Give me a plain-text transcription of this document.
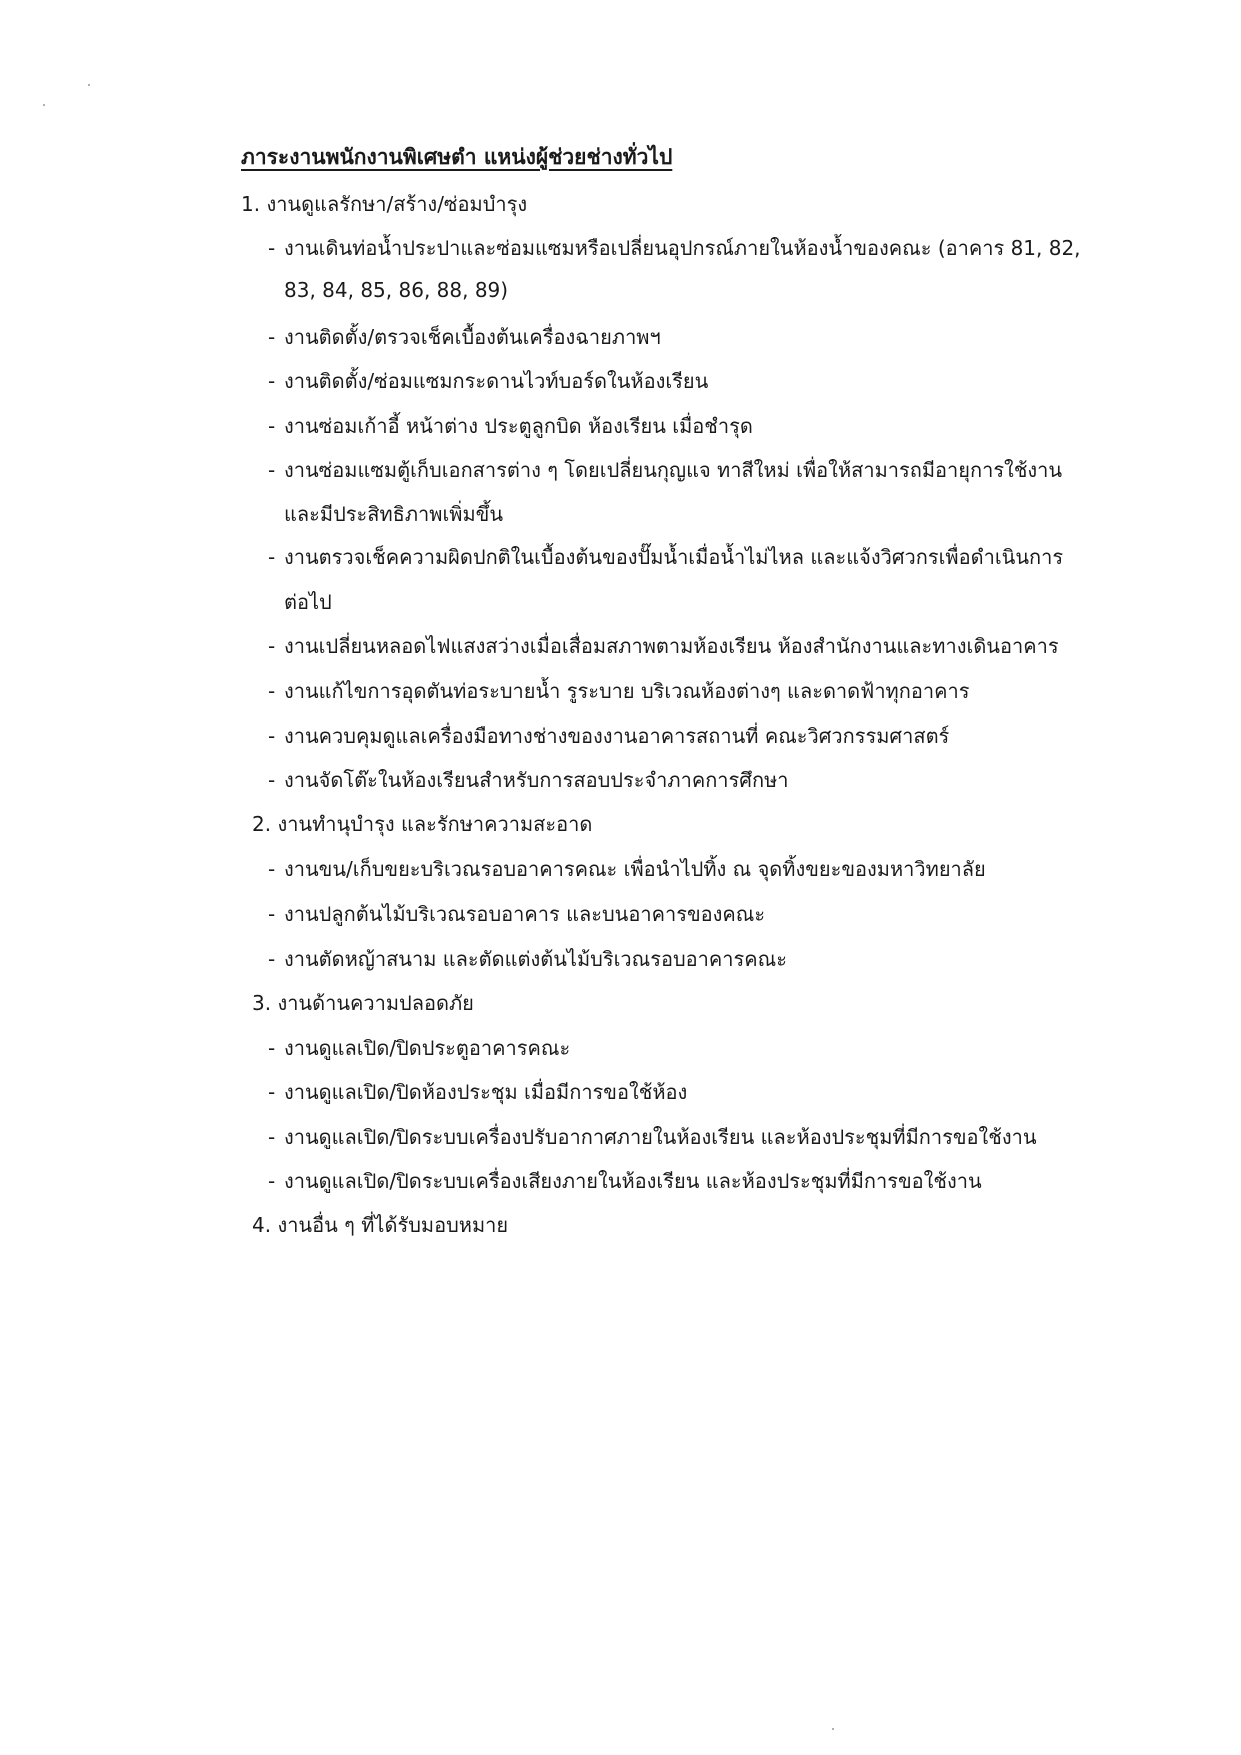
ภาระงานพนักงานพิเศษตำ แหน่งผู้ช่วยช่างทั่วไป
1. งานดูแลรักษา/สร้าง/ซ่อมบำรุง
- งานเดินท่อน้ำประปาและซ่อมแซมหรือเปลี่ยนอุปกรณ์ภายในห้องน้ำของคณะ (อาคาร 81, 82,
83, 84, 85, 86, 88, 89)
- งานติดตั้ง/ตรวจเช็คเบื้องต้นเครื่องฉายภาพฯ
- งานติดตั้ง/ซ่อมแซมกระดานไวท์บอร์ดในห้องเรียน
- งานซ่อมเก้าอี้ หน้าต่าง ประตูลูกบิด ห้องเรียน เมื่อชำรุด
- งานซ่อมแซมตู้เก็บเอกสารต่าง ๆ โดยเปลี่ยนกุญแจ ทาสีใหม่ เพื่อให้สามารถมีอายุการใช้งาน
และมีประสิทธิภาพเพิ่มขึ้น
- งานตรวจเช็คความผิดปกติในเบื้องต้นของปั๊มน้ำเมื่อน้ำไม่ไหล และแจ้งวิศวกรเพื่อดำเนินการ
ต่อไป
- งานเปลี่ยนหลอดไฟแสงสว่างเมื่อเสื่อมสภาพตามห้องเรียน ห้องสำนักงานและทางเดินอาคาร
- งานแก้ไขการอุดตันท่อระบายน้ำ รูระบาย บริเวณห้องต่างๆ และดาดฟ้าทุกอาคาร
- งานควบคุมดูแลเครื่องมือทางช่างของงานอาคารสถานที่ คณะวิศวกรรมศาสตร์
- งานจัดโต๊ะในห้องเรียนสำหรับการสอบประจำภาคการศึกษา
2. งานทำนุบำรุง และรักษาความสะอาด
- งานขน/เก็บขยะบริเวณรอบอาคารคณะ เพื่อนำไปทิ้ง ณ จุดทิ้งขยะของมหาวิทยาลัย
- งานปลูกต้นไม้บริเวณรอบอาคาร และบนอาคารของคณะ
- งานตัดหญ้าสนาม และตัดแต่งต้นไม้บริเวณรอบอาคารคณะ
3. งานด้านความปลอดภัย
- งานดูแลเปิด/ปิดประตูอาคารคณะ
- งานดูแลเปิด/ปิดห้องประชุม เมื่อมีการขอใช้ห้อง
- งานดูแลเปิด/ปิดระบบเครื่องปรับอากาศภายในห้องเรียน และห้องประชุมที่มีการขอใช้งาน
- งานดูแลเปิด/ปิดระบบเครื่องเสียงภายในห้องเรียน และห้องประชุมที่มีการขอใช้งาน
4. งานอื่น ๆ ที่ได้รับมอบหมาย
